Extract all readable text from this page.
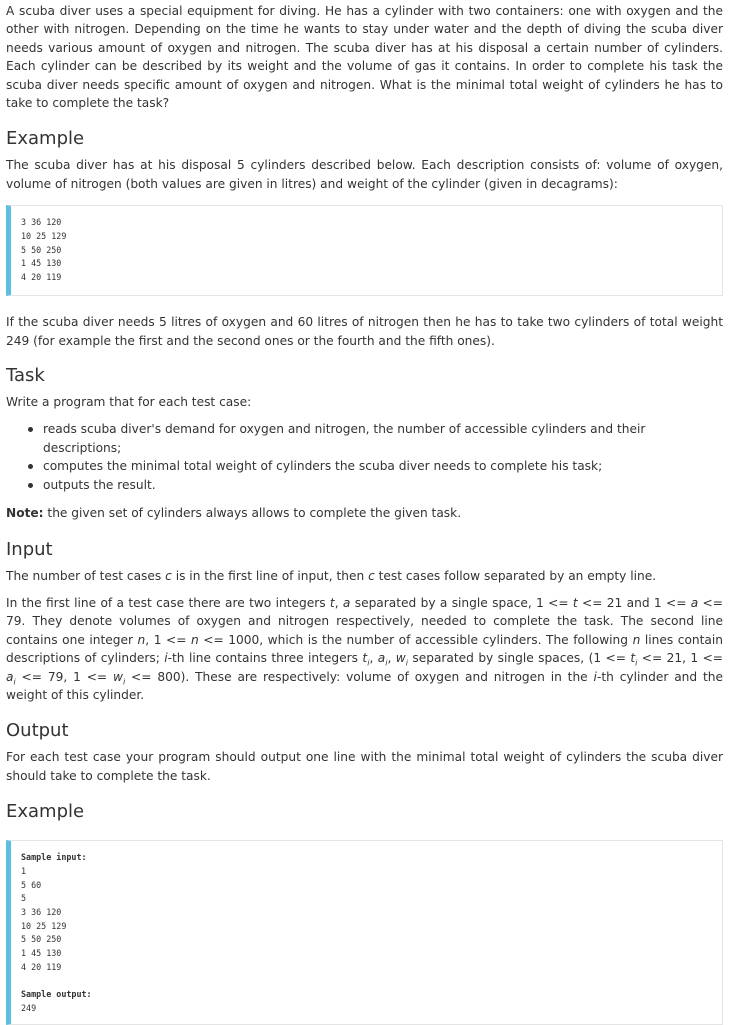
A scuba diver uses a special equipment for diving. He has a cylinder with two containers: one with oxygen and the other with nitrogen. Depending on the time he wants to stay under water and the depth of diving the scuba diver needs various amount of oxygen and nitrogen. The scuba diver has at his disposal a certain number of cylinders. Each cylinder can be described by its weight and the volume of gas it contains. In order to complete his task the scuba diver needs specific amount of oxygen and nitrogen. What is the minimal total weight of cylinders he has to take to complete the task?

Example

The scuba diver has at his disposal 5 cylinders described below. Each description consists of: volume of oxygen, volume of nitrogen (both values are given in litres) and weight of the cylinder (given in decagrams):

3 36 120
10 25 129
5 50 250
1 45 130
4 20 119

If the scuba diver needs 5 litres of oxygen and 60 litres of nitrogen then he has to take two cylinders of total weight 249 (for example the first and the second ones or the fourth and the fifth ones).

Task

Write a program that for each test case:

reads scuba diver's demand for oxygen and nitrogen, the number of accessible cylinders and their descriptions;
computes the minimal total weight of cylinders the scuba diver needs to complete his task;
outputs the result.

Note: the given set of cylinders always allows to complete the given task.

Input

The number of test cases c is in the first line of input, then c test cases follow separated by an empty line.

In the first line of a test case there are two integers t, a separated by a single space, 1 <= t <= 21 and 1 <= a <= 79. They denote volumes of oxygen and nitrogen respectively, needed to complete the task. The second line contains one integer n, 1 <= n <= 1000, which is the number of accessible cylinders. The following n lines contain descriptions of cylinders; i-th line contains three integers $t_i$, $a_i$, $w_i$ separated by single spaces, ($1 <= t_i <= 21$, $1 <= a_i <= 79$, $1 <= w_i <= 800$). These are respectively: volume of oxygen and nitrogen in the i-th cylinder and the weight of this cylinder.

Output

For each test case your program should output one line with the minimal total weight of cylinders the scuba diver should take to complete the task.

Example
Sample input:
1
5 60
5
3 36 120
10 25 129
5 50 250
1 45 130
4 20 119
Sample output:
249
